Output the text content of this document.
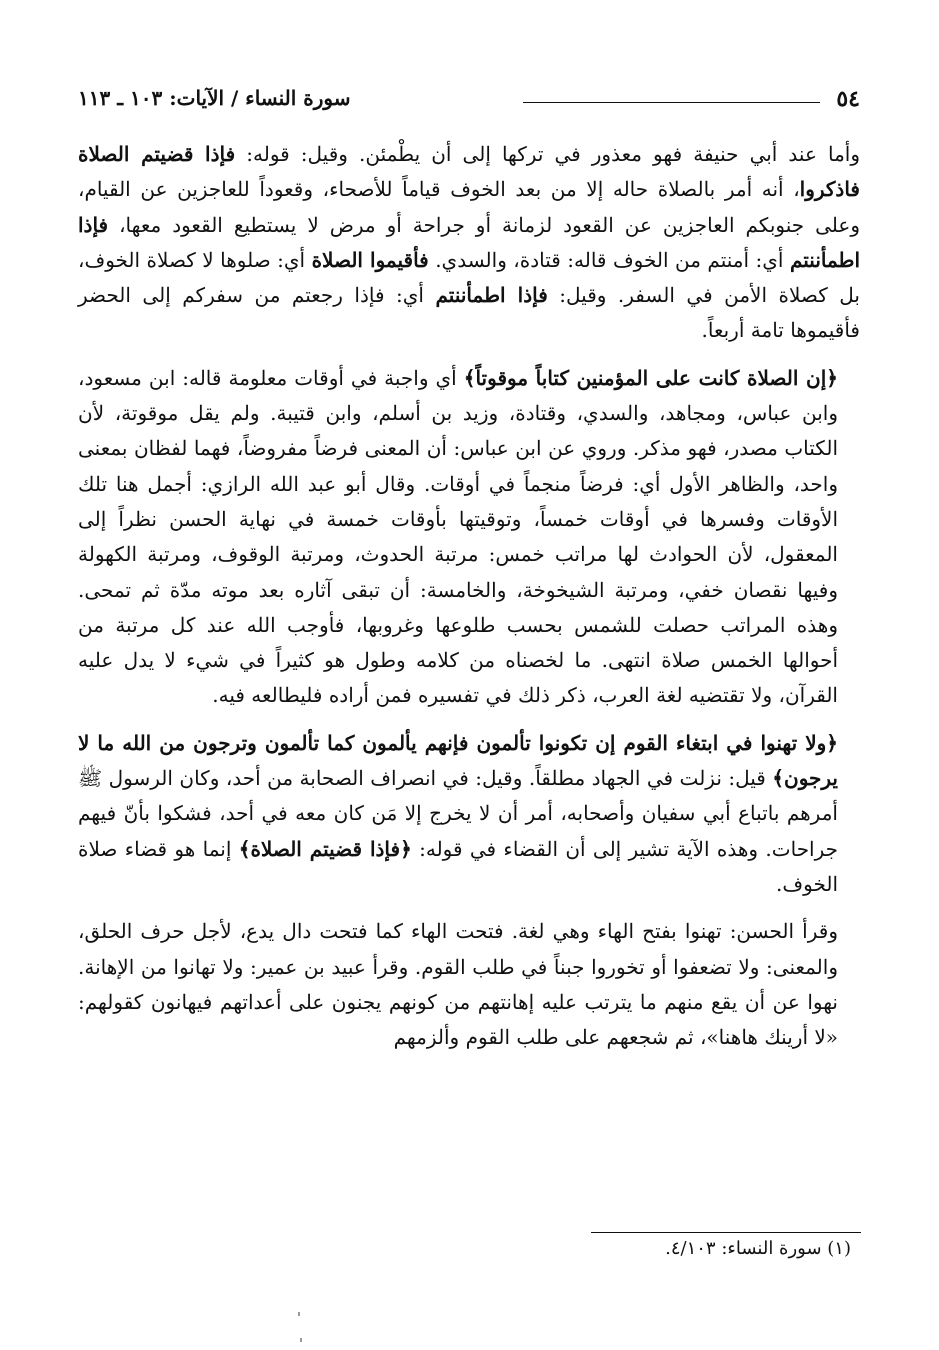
٥٤
سورة النساء / الآيات: ١٠٣ ـ ١١٣

وأما عند أبي حنيفة فهو معذور في تركها إلى أن يطْمئن. وقيل: قوله: فإذا قضيتم الصلاة فاذكروا، أنه أمر بالصلاة حاله إلا من بعد الخوف قياماً للأصحاء، وقعوداً للعاجزين عن القيام، وعلى جنوبكم العاجزين عن القعود لزمانة أو جراحة أو مرض لا يستطيع القعود معها، فإذا اطمأننتم أي: أمنتم من الخوف قاله: قتادة، والسدي. فأقيموا الصلاة أي: صلوها لا كصلاة الخوف، بل كصلاة الأمن في السفر. وقيل: فإذا اطمأننتم أي: فإذا رجعتم من سفركم إلى الحضر فأقيموها تامة أربعاً.

﴿إن الصلاة كانت على المؤمنين كتاباً موقوتاً﴾ أي واجبة في أوقات معلومة قاله: ابن مسعود، وابن عباس، ومجاهد، والسدي، وقتادة، وزيد بن أسلم، وابن قتيبة. ولم يقل موقوتة، لأن الكتاب مصدر، فهو مذكر. وروي عن ابن عباس: أن المعنى فرضاً مفروضاً، فهما لفظان بمعنى واحد، والظاهر الأول أي: فرضاً منجماً في أوقات. وقال أبو عبد الله الرازي: أجمل هنا تلك الأوقات وفسرها في أوقات خمساً، وتوقيتها بأوقات خمسة في نهاية الحسن نظراً إلى المعقول، لأن الحوادث لها مراتب خمس: مرتبة الحدوث، ومرتبة الوقوف، ومرتبة الكهولة وفيها نقصان خفي، ومرتبة الشيخوخة، والخامسة: أن تبقى آثاره بعد موته مدّة ثم تمحى. وهذه المراتب حصلت للشمس بحسب طلوعها وغروبها، فأوجب الله عند كل مرتبة من أحوالها الخمس صلاة انتهى. ما لخصناه من كلامه وطول هو كثيراً في شيء لا يدل عليه القرآن، ولا تقتضيه لغة العرب، ذكر ذلك في تفسيره فمن أراده فليطالعه فيه.

﴿ولا تهنوا في ابتغاء القوم إن تكونوا تألمون فإنهم يألمون كما تألمون وترجون من الله ما لا يرجون﴾ قيل: نزلت في الجهاد مطلقاً. وقيل: في انصراف الصحابة من أحد، وكان الرسول ﷺ أمرهم باتباع أبي سفيان وأصحابه، أمر أن لا يخرج إلا مَن كان معه في أحد، فشكوا بأنّ فيهم جراحات. وهذه الآية تشير إلى أن القضاء في قوله: ﴿فإذا قضيتم الصلاة﴾ إنما هو قضاء صلاة الخوف.

وقرأ الحسن: تهنوا بفتح الهاء وهي لغة. فتحت الهاء كما فتحت دال يدع، لأجل حرف الحلق، والمعنى: ولا تضعفوا أو تخوروا جبناً في طلب القوم. وقرأ عبيد بن عمير: ولا تهانوا من الإهانة. نهوا عن أن يقع منهم ما يترتب عليه إهانتهم من كونهم يجنون على أعداتهم فيهانون كقولهم: «لا أرينك هاهنا»، ثم شجعهم على طلب القوم وألزمهم

(١) سورة النساء: ٤/١٠٣.
